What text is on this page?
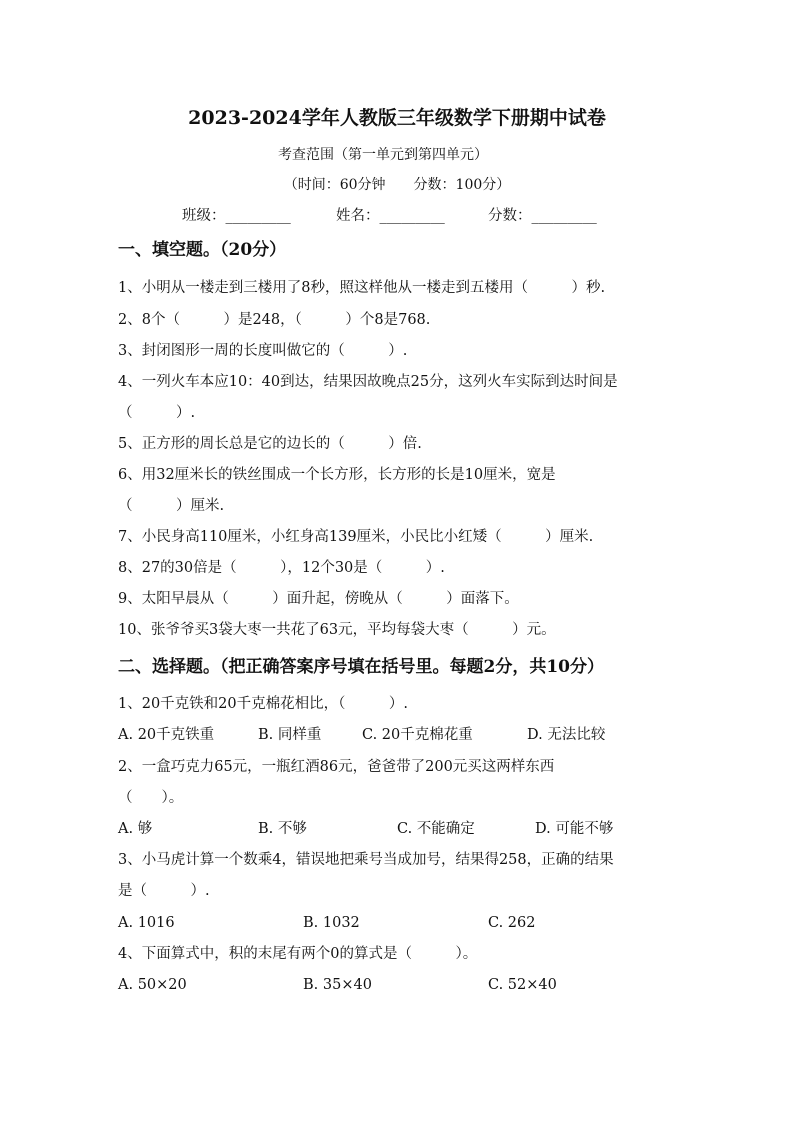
2023-2024学年人教版三年级数学下册期中试卷
考查范围（第一单元到第四单元）
（时间：60分钟　　分数：100分）
班级：_________	姓名：_________	分数：_________
一、填空题。（20分）
1、小明从一楼走到三楼用了8秒，照这样他从一楼走到五楼用（　　　）秒.
2、8个（　　　）是248，（　　　）个8是768.
3、封闭图形一周的长度叫做它的（　　　）.
4、一列火车本应10：40到达，结果因故晚点25分，这列火车实际到达时间是
（　　　）.
5、正方形的周长总是它的边长的（　　　）倍.
6、用32厘米长的铁丝围成一个长方形，长方形的长是10厘米，宽是
（　　　）厘米.
7、小民身高110厘米，小红身高139厘米，小民比小红矮（　　　）厘米.
8、27的30倍是（　　　），12个30是（　　　）.
9、太阳早晨从（　　　）面升起，傍晚从（　　　）面落下。
10、张爷爷买3袋大枣一共花了63元，平均每袋大枣（　　　）元。
二、选择题。（把正确答案序号填在括号里。每题2分，共10分）
1、20千克铁和20千克棉花相比，（　　　）.
A. 20千克铁重	B. 同样重	C. 20千克棉花重	D. 无法比较
2、一盒巧克力65元，一瓶红酒86元，爸爸带了200元买这两样东西
（　　）。
A. 够	B. 不够	C. 不能确定	D. 可能不够
3、小马虎计算一个数乘4，错误地把乘号当成加号，结果得258，正确的结果
是（　　　）.
A. 1016	B. 1032	C. 262
4、下面算式中，积的末尾有两个0的算式是（　　　）。
A. 50×20	B. 35×40	C. 52×40
